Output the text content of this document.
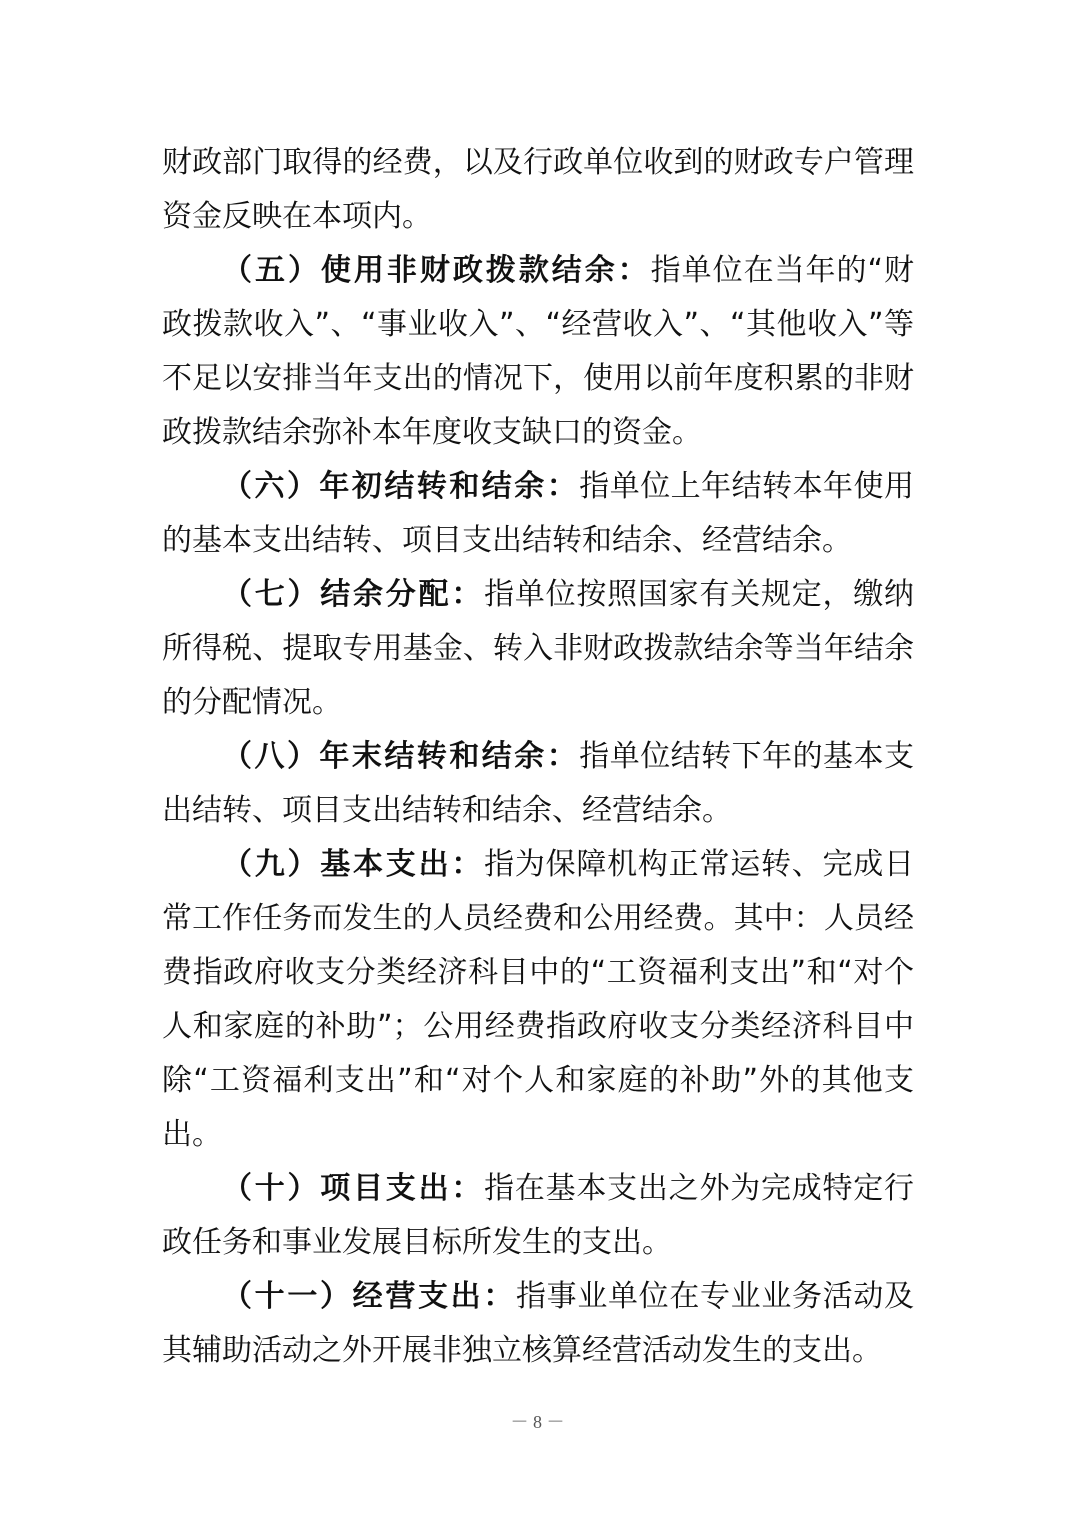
财政部门取得的经费，以及行政单位收到的财政专户管理资金反映在本项内。

（五）使用非财政拨款结余：指单位在当年的“财政拨款收入”、“事业收入”、“经营收入”、“其他收入”等不足以安排当年支出的情况下，使用以前年度积累的非财政拨款结余弥补本年度收支缺口的资金。

（六）年初结转和结余：指单位上年结转本年使用的基本支出结转、项目支出结转和结余、经营结余。

（七）结余分配：指单位按照国家有关规定，缴纳所得税、提取专用基金、转入非财政拨款结余等当年结余的分配情况。

（八）年末结转和结余：指单位结转下年的基本支出结转、项目支出结转和结余、经营结余。

（九）基本支出：指为保障机构正常运转、完成日常工作任务而发生的人员经费和公用经费。其中：人员经费指政府收支分类经济科目中的“工资福利支出”和“对个人和家庭的补助”；公用经费指政府收支分类经济科目中除“工资福利支出”和“对个人和家庭的补助”外的其他支出。

（十）项目支出：指在基本支出之外为完成特定行政任务和事业发展目标所发生的支出。

（十一）经营支出：指事业单位在专业业务活动及其辅助活动之外开展非独立核算经营活动发生的支出。

－ 8 －
